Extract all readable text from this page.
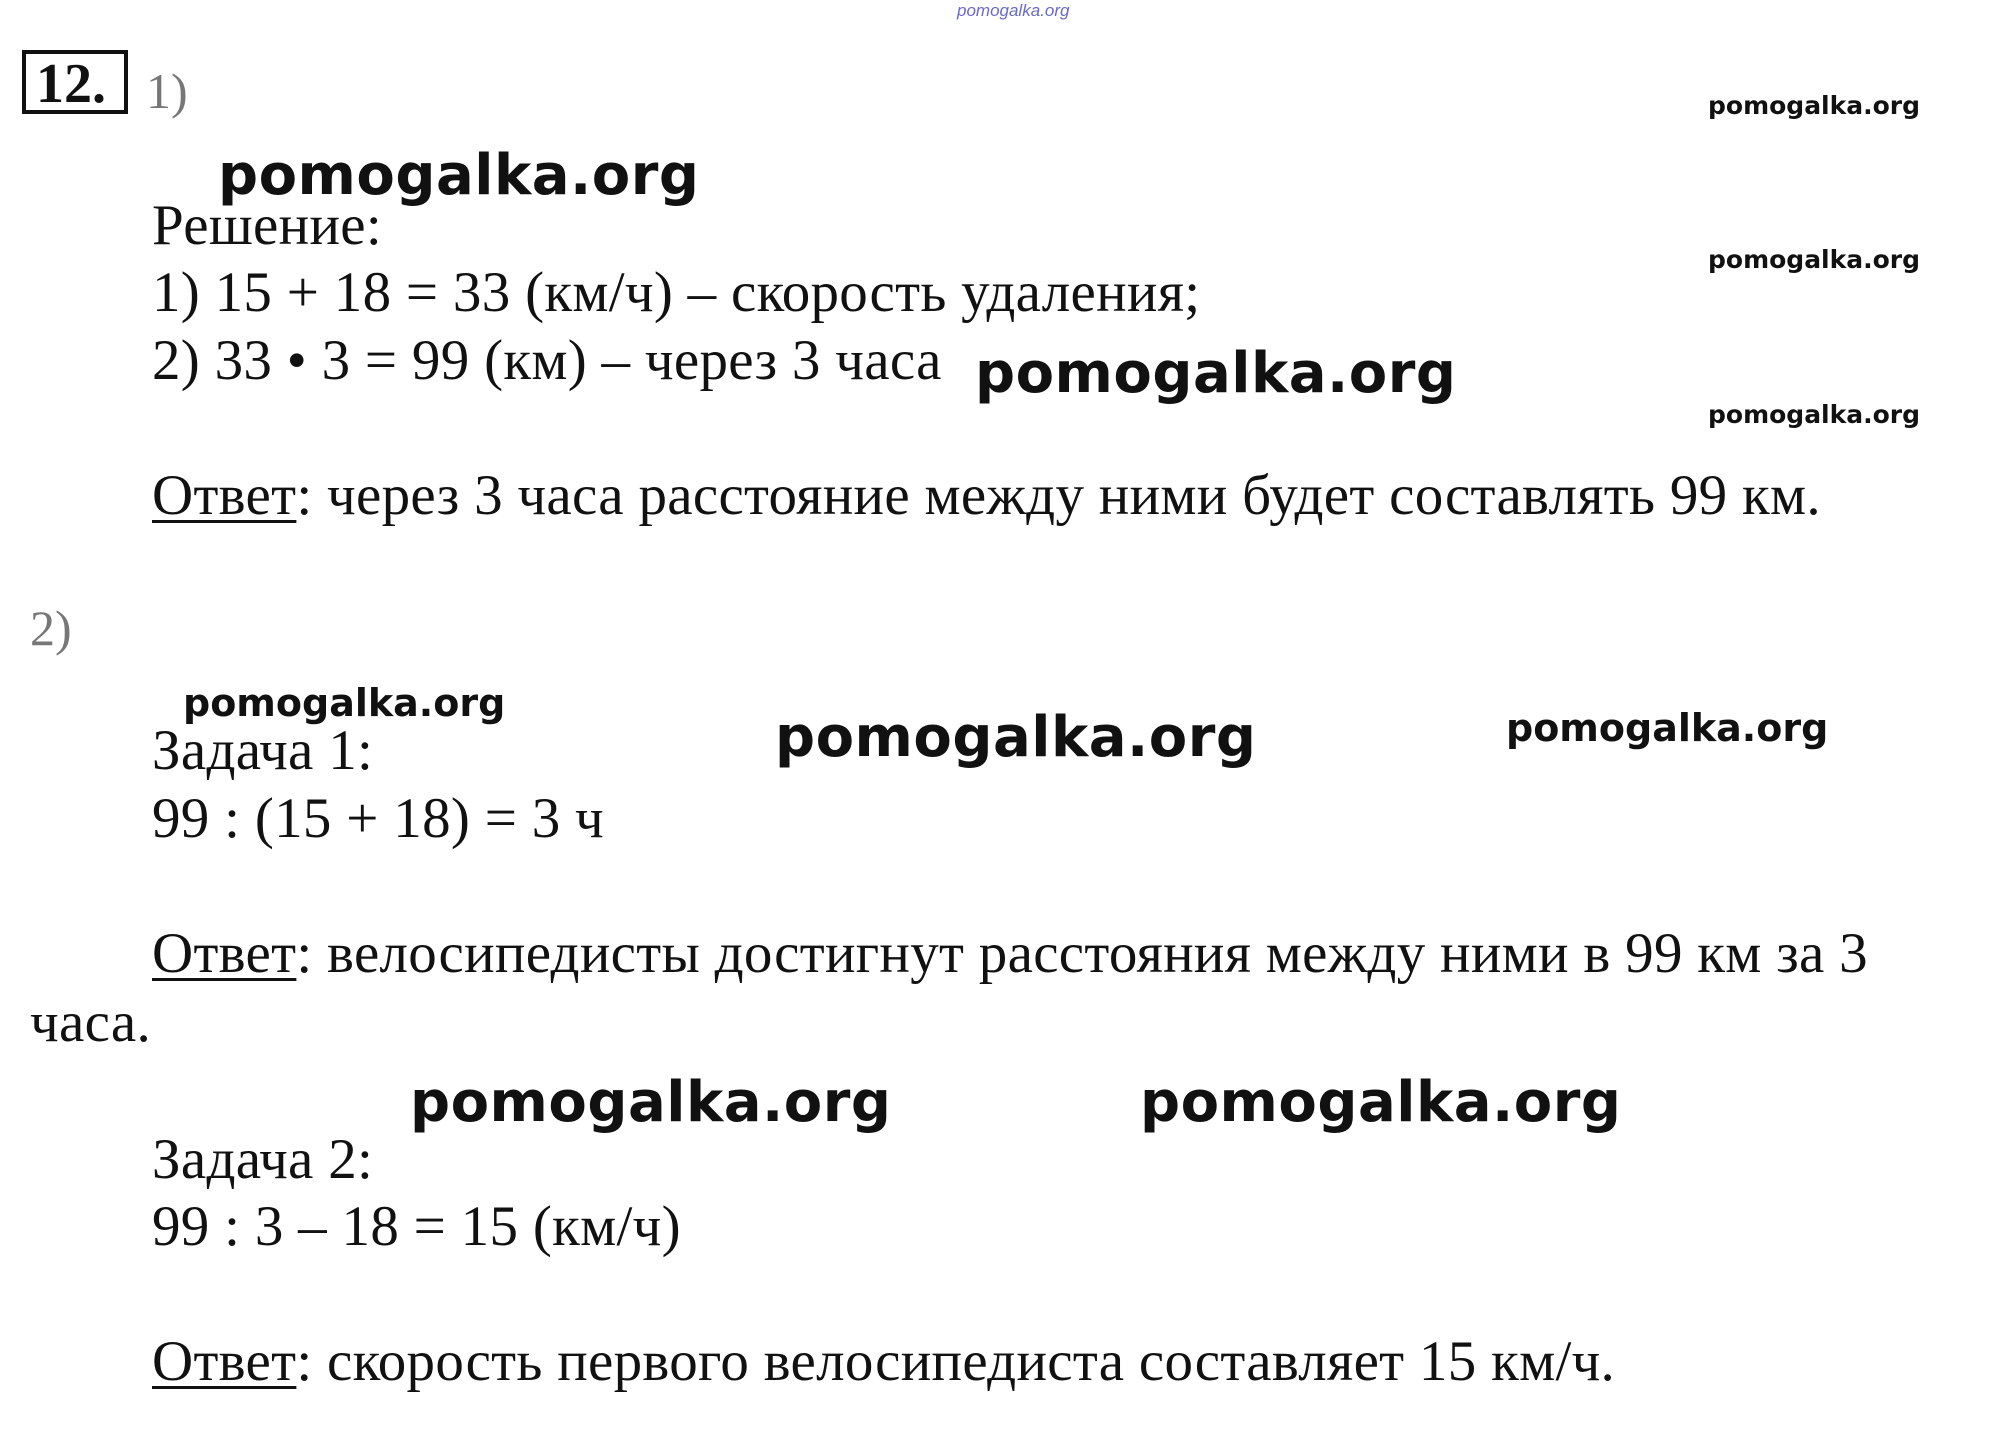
pomogalka.org
12. 1)	pomogalka.org
pomogalka.org
pomogalka.org
Решение:
pomogalka.org
1) 15 + 18 = 33 (км/ч) – скорость удаления;
2) 33 • 3 = 99 (км) – через 3 часа pomogalka.org
Ответ: через 3 часа расстояние между ними будет составлять 99 км.
2)
pomogalka.org
Задача 1:	pomogalka.org	pomogalka.org
99 : (15 + 18) = 3 ч
Ответ: велосипедисты достигнут расстояния между ними в 99 км за 3
часа.
pomogalka.org	pomogalka.org
Задача 2:
99 : 3 – 18 = 15 (км/ч)
Ответ: скорость первого велосипедиста составляет 15 км/ч.
